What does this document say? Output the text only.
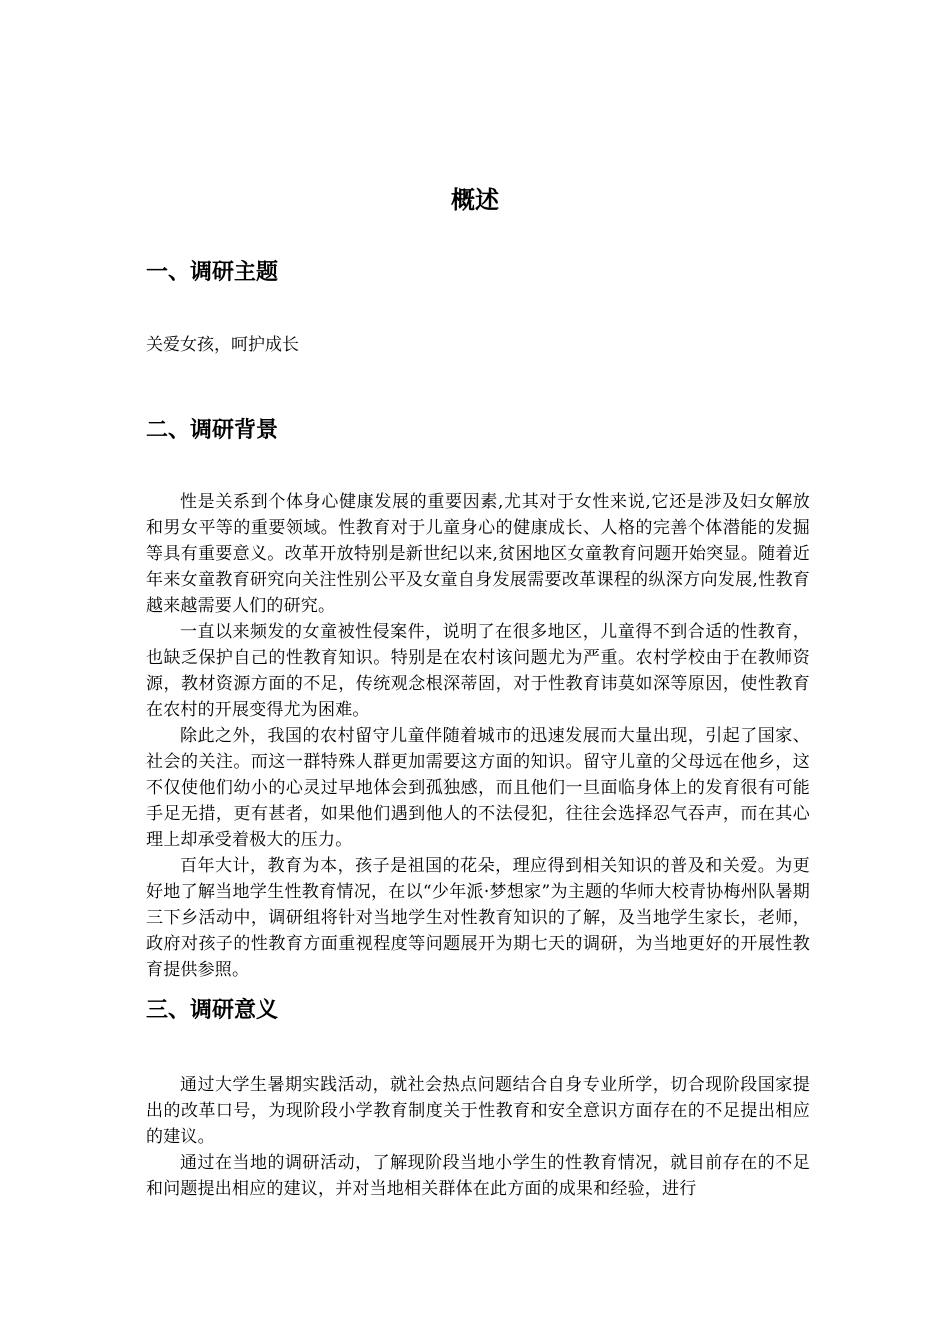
概述
一、调研主题

关爱女孩，呵护成长

二、调研背景

性是关系到个体身心健康发展的重要因素,尤其对于女性来说,它还是涉及妇女解放和男女平等的重要领域。性教育对于儿童身心的健康成长、人格的完善个体潜能的发掘等具有重要意义。改革开放特别是新世纪以来,贫困地区女童教育问题开始突显。随着近年来女童教育研究向关注性别公平及女童自身发展需要改革课程的纵深方向发展,性教育越来越需要人们的研究。

一直以来频发的女童被性侵案件，说明了在很多地区，儿童得不到合适的性教育，也缺乏保护自己的性教育知识。特别是在农村该问题尤为严重。农村学校由于在教师资源，教材资源方面的不足，传统观念根深蒂固，对于性教育讳莫如深等原因，使性教育在农村的开展变得尤为困难。

除此之外，我国的农村留守儿童伴随着城市的迅速发展而大量出现，引起了国家、社会的关注。而这一群特殊人群更加需要这方面的知识。留守儿童的父母远在他乡，这不仅使他们幼小的心灵过早地体会到孤独感，而且他们一旦面临身体上的发育很有可能手足无措，更有甚者，如果他们遇到他人的不法侵犯，往往会选择忍气吞声，而在其心理上却承受着极大的压力。

百年大计，教育为本，孩子是祖国的花朵，理应得到相关知识的普及和关爱。为更好地了解当地学生性教育情况，在以“少年派·梦想家”为主题的华师大校青协梅州队暑期三下乡活动中，调研组将针对当地学生对性教育知识的了解，及当地学生家长，老师，政府对孩子的性教育方面重视程度等问题展开为期七天的调研，为当地更好的开展性教育提供参照。

三、调研意义

通过大学生暑期实践活动，就社会热点问题结合自身专业所学，切合现阶段国家提出的改革口号，为现阶段小学教育制度关于性教育和安全意识方面存在的不足提出相应的建议。

通过在当地的调研活动，了解现阶段当地小学生的性教育情况，就目前存在的不足和问题提出相应的建议，并对当地相关群体在此方面的成果和经验，进行
